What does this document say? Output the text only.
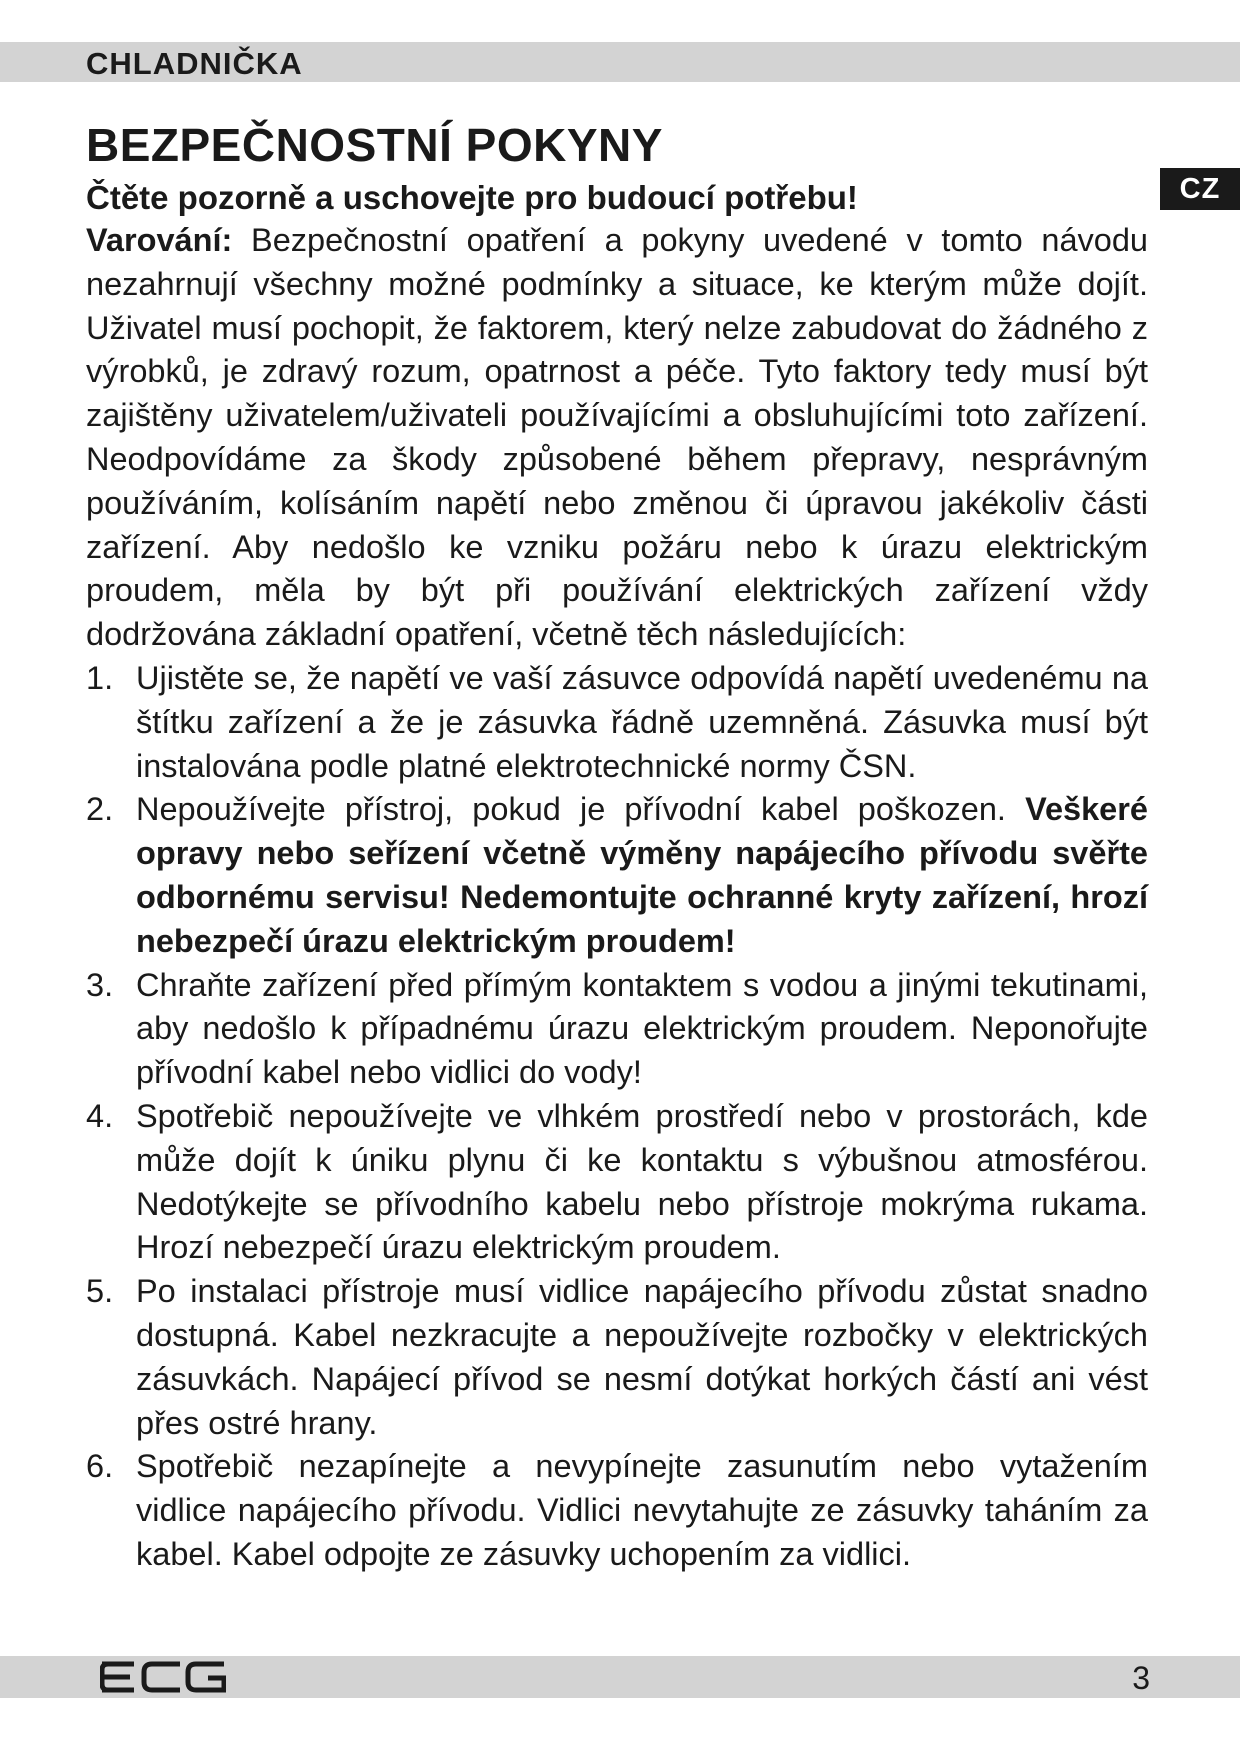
CHLADNIČKA
CZ
BEZPEČNOSTNÍ POKYNY

Čtěte pozorně a uschovejte pro budoucí potřebu!

Varování: Bezpečnostní opatření a pokyny uvedené v tomto návodu nezahrnují všechny možné podmínky a situace, ke kterým může dojít. Uživatel musí pochopit, že faktorem, který nelze zabudovat do žádného z výrobků, je zdravý rozum, opatrnost a péče. Tyto faktory tedy musí být zajištěny uživatelem/uživateli používajícími a obsluhujícími toto zařízení. Neodpovídáme za škody způsobené během přepravy, nesprávným používáním, kolísáním napětí nebo změnou či úpravou jakékoliv části zařízení. Aby nedošlo ke vzniku požáru nebo k úrazu elektrickým proudem, měla by být při používání elektrických zařízení vždy dodržována základní opatření, včetně těch následujících:

1. Ujistěte se, že napětí ve vaší zásuvce odpovídá napětí uvedenému na štítku zařízení a že je zásuvka řádně uzemněná. Zásuvka musí být instalována podle platné elektrotechnické normy ČSN.
2. Nepoužívejte přístroj, pokud je přívodní kabel poškozen. Veškeré opravy nebo seřízení včetně výměny napájecího přívodu svěřte odbornému servisu! Nedemontujte ochranné kryty zařízení, hrozí nebezpečí úrazu elektrickým proudem!
3. Chraňte zařízení před přímým kontaktem s vodou a jinými tekutinami, aby nedošlo k případnému úrazu elektrickým proudem. Neponořujte přívodní kabel nebo vidlici do vody!
4. Spotřebič nepoužívejte ve vlhkém prostředí nebo v prostorách, kde může dojít k úniku plynu či ke kontaktu s výbušnou atmosférou. Nedotýkejte se přívodního kabelu nebo přístroje mokrýma rukama. Hrozí nebezpečí úrazu elektrickým proudem.
5. Po instalaci přístroje musí vidlice napájecího přívodu zůstat snadno dostupná. Kabel nezkracujte a nepoužívejte rozbočky v elektrických zásuvkách. Napájecí přívod se nesmí dotýkat horkých částí ani vést přes ostré hrany.
6. Spotřebič nezapínejte a nevypínejte zasunutím nebo vytažením vidlice napájecího přívodu. Vidlici nevytahujte ze zásuvky taháním za kabel. Kabel odpojte ze zásuvky uchopením za vidlici.
3
